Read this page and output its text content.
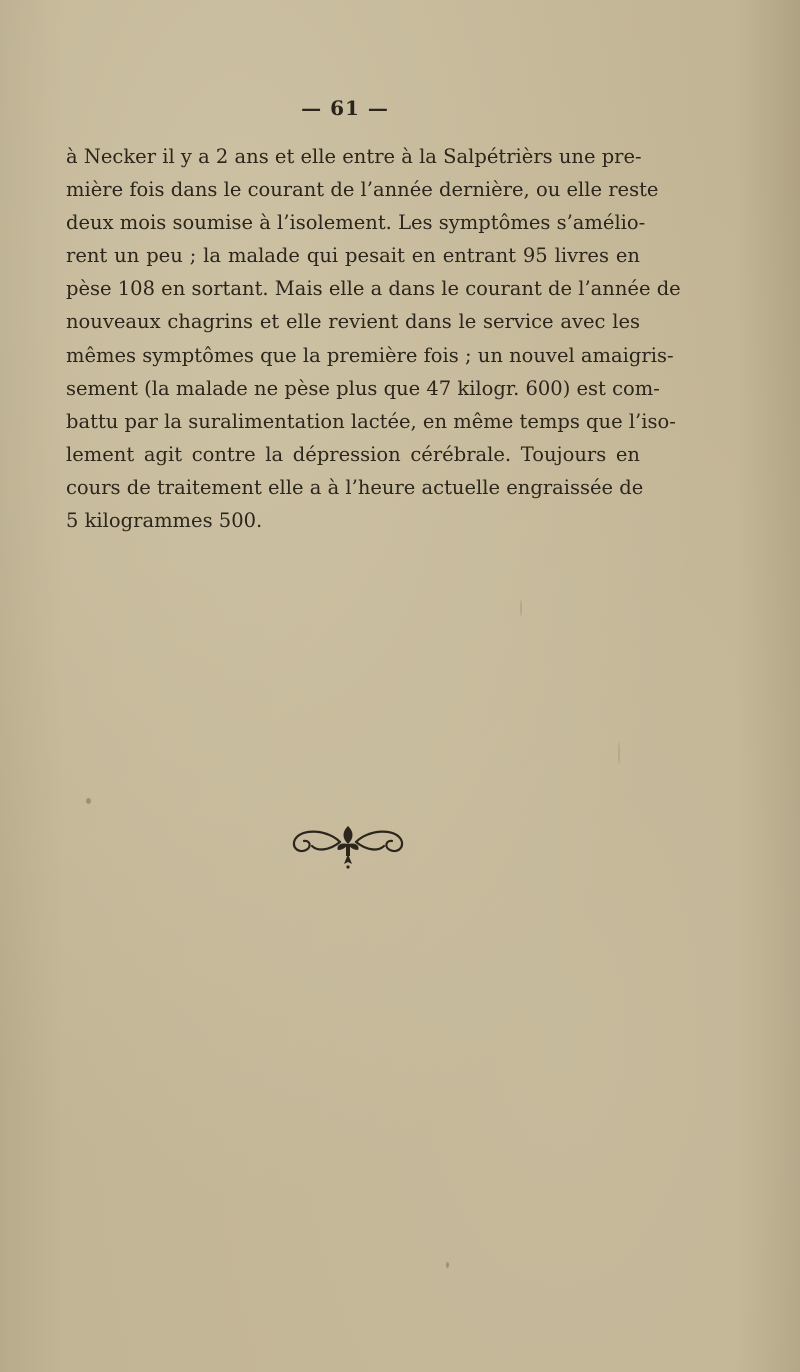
— 61 —
à Necker il y a 2 ans et elle entre à la Salpétrièrs une pre-
mière fois dans le courant de l’année dernière, ou elle reste
deux mois soumise à l’isolement. Les symptômes s’amélio-
rent un peu ; la malade qui pesait en entrant 95 livres en
pèse 108 en sortant. Mais elle a dans le courant de l’année de
nouveaux chagrins et elle revient dans le service avec les
mêmes symptômes que la première fois ; un nouvel amaigris-
sement (la malade ne pèse plus que 47 kilogr. 600) est com-
battu par la suralimentation lactée, en même temps que l’iso-
lement agit contre la dépression cérébrale. Toujours en
cours de traitement elle a à l’heure actuelle engraissée de
5 kilogrammes 500.
